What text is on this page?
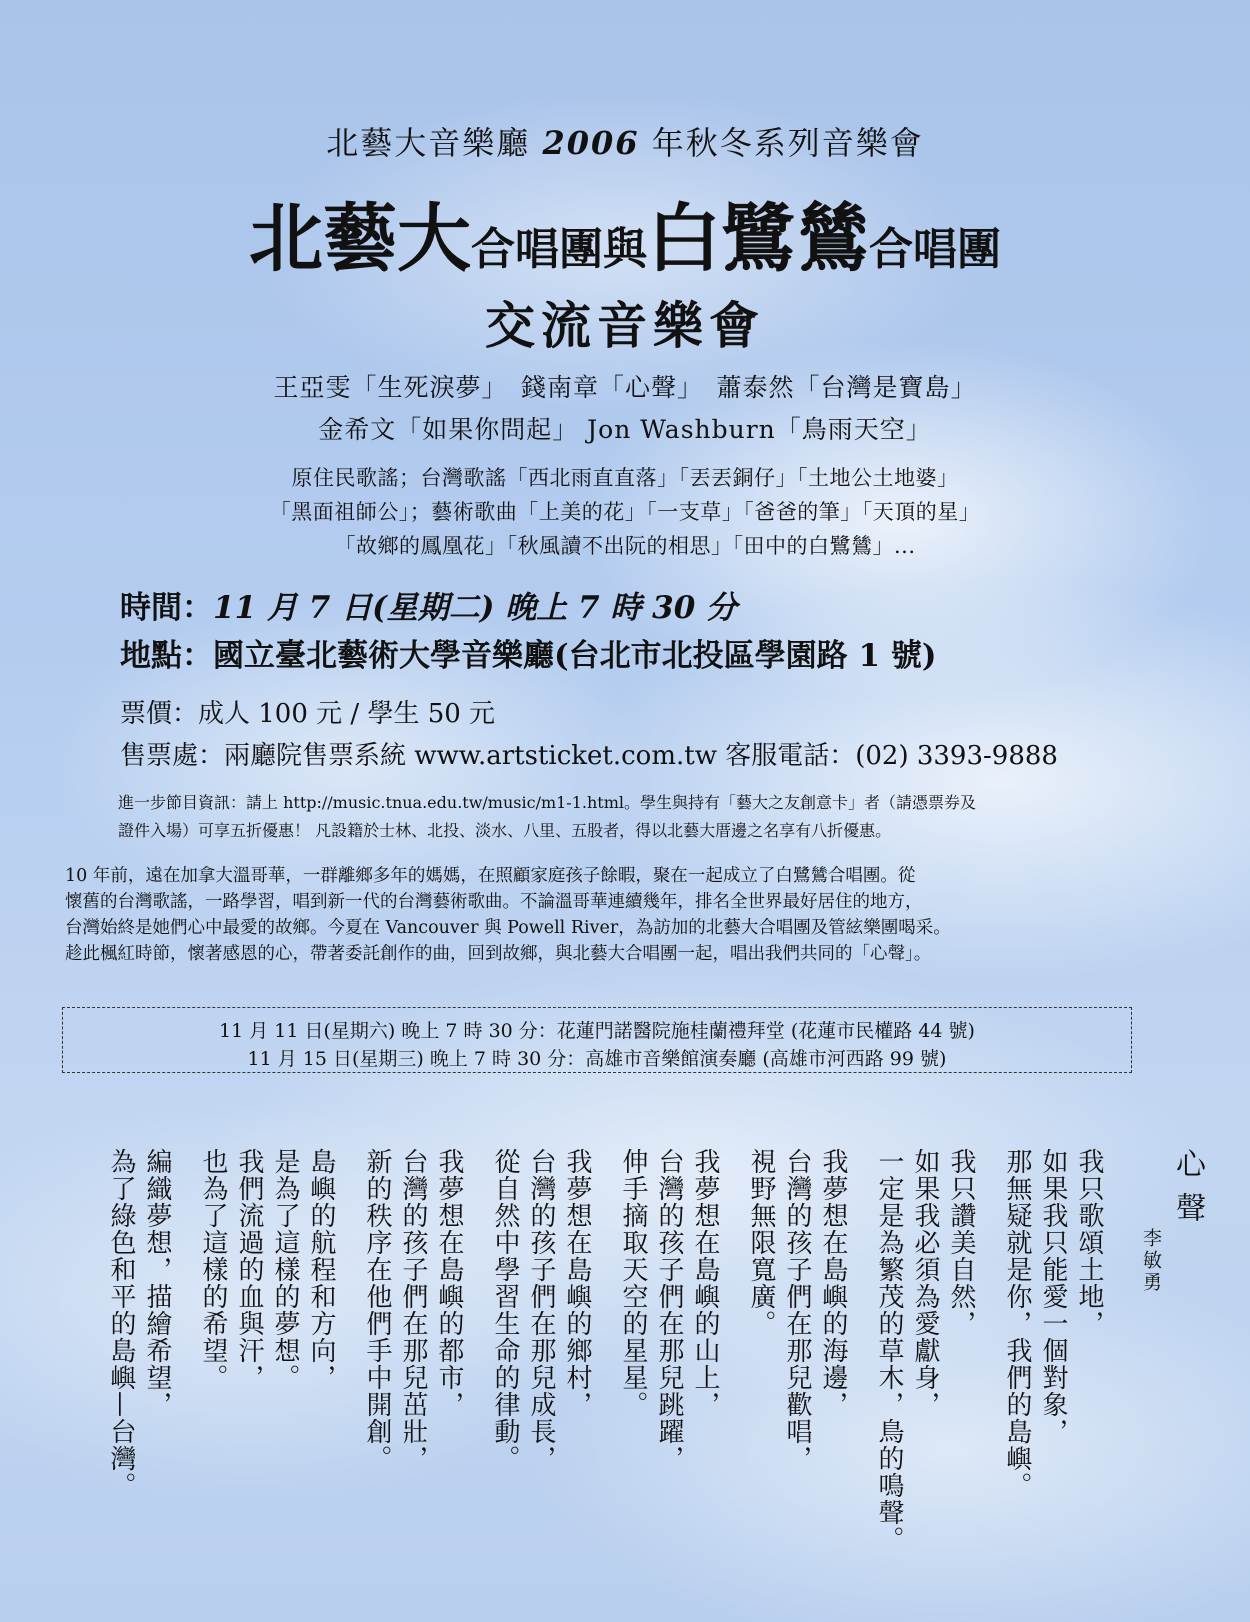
北藝大音樂廳 2006 年秋冬系列音樂會
北藝大合唱團與白鷺鷥合唱團
交流音樂會
王亞雯「生死淚夢」　錢南章「心聲」　蕭泰然「台灣是寶島」
金希文「如果你問起」 Jon Washburn「鳥雨天空」
原住民歌謠；台灣歌謠「西北雨直直落」「丟丟銅仔」「土地公土地婆」
「黑面祖師公」；藝術歌曲「上美的花」「一支草」「爸爸的筆」「天頂的星」
「故鄉的鳳凰花」「秋風讀不出阮的相思」「田中的白鷺鷥」...
時間：11 月 7 日(星期二) 晚上 7 時 30 分
地點：國立臺北藝術大學音樂廳(台北市北投區學園路 1 號)
票價：成人 100 元 / 學生 50 元
售票處：兩廳院售票系統 www.artsticket.com.tw 客服電話：(02) 3393-9888
進一步節目資訊：請上 http://music.tnua.edu.tw/music/m1-1.html。學生與持有「藝大之友創意卡」者（請憑票券及
證件入場）可享五折優惠！ 凡設籍於士林、北投、淡水、八里、五股者，得以北藝大厝邊之名享有八折優惠。
10 年前，遠在加拿大溫哥華，一群離鄉多年的媽媽，在照顧家庭孩子餘暇，聚在一起成立了白鷺鷥合唱團。從
懷舊的台灣歌謠，一路學習，唱到新一代的台灣藝術歌曲。不論溫哥華連續幾年，排名全世界最好居住的地方，
台灣始終是她們心中最愛的故鄉。今夏在 Vancouver 與 Powell River，為訪加的北藝大合唱團及管絃樂團喝采。
趁此楓紅時節，懷著感恩的心，帶著委託創作的曲，回到故鄉，與北藝大合唱團一起，唱出我們共同的「心聲」。
11 月 11 日(星期六) 晚上 7 時 30 分：花蓮門諾醫院施桂蘭禮拜堂 (花蓮市民權路 44 號)
11 月 15 日(星期三) 晚上 7 時 30 分：高雄市音樂館演奏廳 (高雄市河西路 99 號)
心聲
李敏勇
我只歌頌土地，
如果我只能愛一個對象，
那無疑就是你，我們的島嶼。
我只讚美自然，
如果我必須為愛獻身，
一定是為繁茂的草木，鳥的鳴聲。
我夢想在島嶼的海邊，
台灣的孩子們在那兒歡唱，
視野無限寬廣。
我夢想在島嶼的山上，
台灣的孩子們在那兒跳躍，
伸手摘取天空的星星。
我夢想在島嶼的鄉村，
台灣的孩子們在那兒成長，
從自然中學習生命的律動。
我夢想在島嶼的都市，
台灣的孩子們在那兒茁壯，
新的秩序在他們手中開創。
島嶼的航程和方向，
是為了這樣的夢想。
我們流過的血與汗，
也為了這樣的希望。
編織夢想，描繪希望，
為了綠色和平的島嶼—台灣。
